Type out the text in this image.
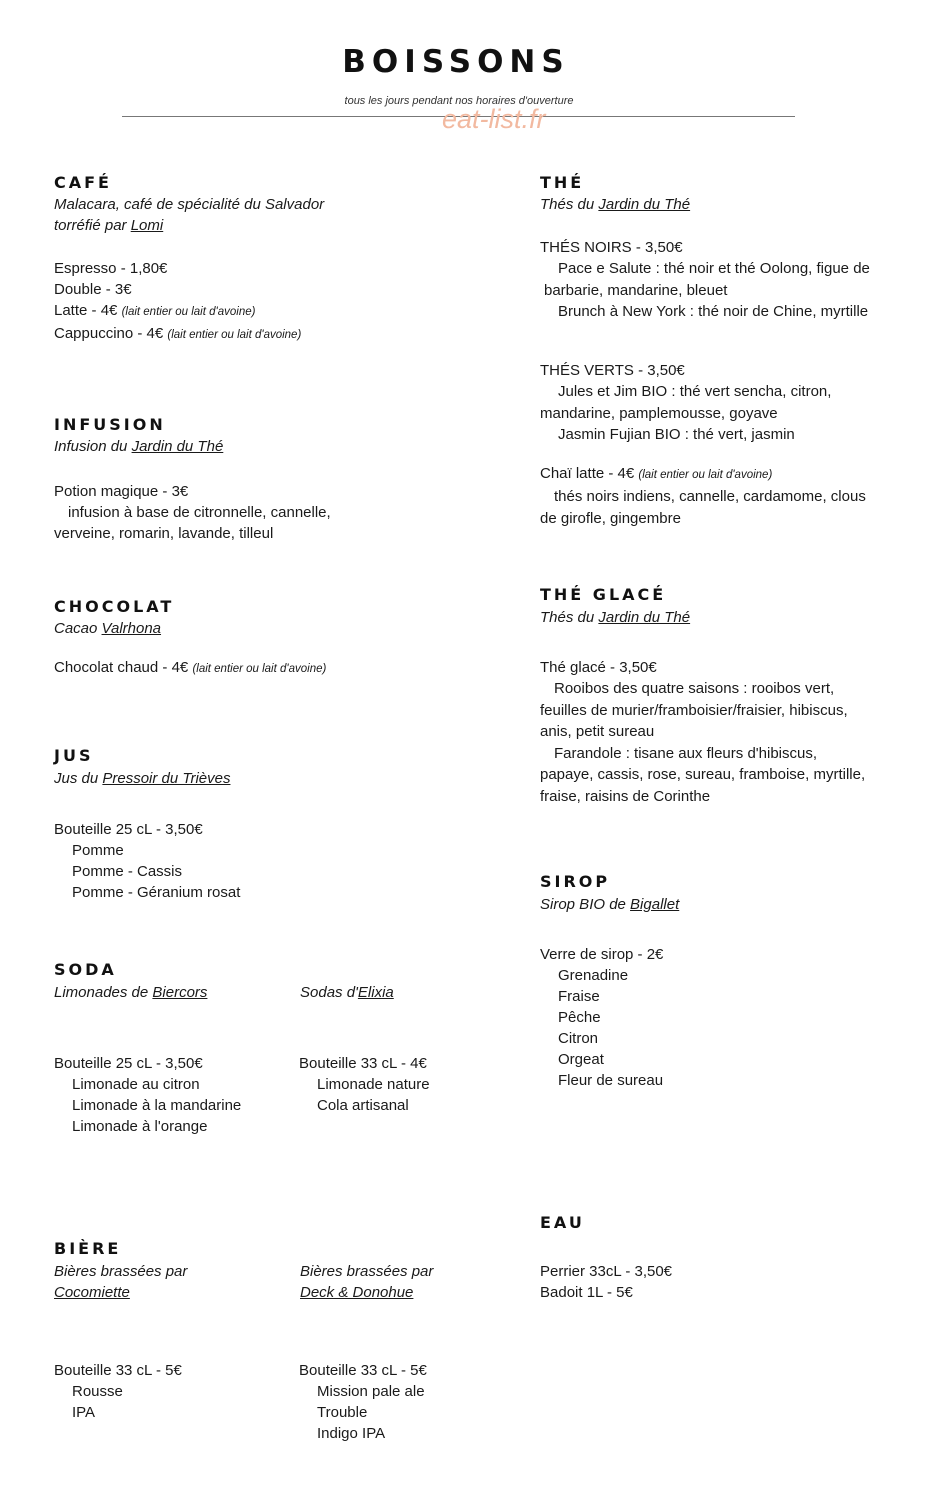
BOISSONS
tous les jours pendant nos horaires d'ouverture
eat-list.fr
CAFÉ
Malacara, café de spécialité du Salvador
torréfié par Lomi
Espresso - 1,80€
Double - 3€
Latte - 4€ (lait entier ou lait d'avoine)
Cappuccino - 4€ (lait entier ou lait d'avoine)
INFUSION
Infusion du Jardin du Thé
Potion magique - 3€
infusion à base de citronnelle, cannelle,
verveine, romarin, lavande, tilleul
CHOCOLAT
Cacao Valrhona
Chocolat chaud - 4€ (lait entier ou lait d'avoine)
JUS
Jus du Pressoir du Trièves
Bouteille 25 cL - 3,50€
Pomme
Pomme - Cassis
Pomme - Géranium rosat
SODA
Limonades de Biercors	Sodas d'Elixia
Bouteille 25 cL - 3,50€
Limonade au citron
Limonade à la mandarine
Limonade à l'orange
Bouteille 33 cL - 4€
Limonade nature
Cola artisanal
BIÈRE
Bières brassées par
Cocomiette
Bières brassées par
Deck & Donohue
Bouteille 33 cL - 5€
Rousse
IPA
Bouteille 33 cL - 5€
Mission pale ale
Trouble
Indigo IPA
THÉ
Thés du Jardin du Thé
THÉS NOIRS - 3,50€
Pace e Salute : thé noir et thé Oolong, figue de
barbarie, mandarine, bleuet
Brunch à New York : thé noir de Chine, myrtille
THÉS VERTS - 3,50€
Jules et Jim BIO : thé vert sencha, citron,
mandarine, pamplemousse, goyave
Jasmin Fujian BIO : thé vert, jasmin
Chaï latte - 4€ (lait entier ou lait d'avoine)
thés noirs indiens, cannelle, cardamome, clous
de girofle, gingembre
THÉ GLACÉ
Thés du Jardin du Thé
Thé glacé - 3,50€
Rooibos des quatre saisons : rooibos vert,
feuilles de murier/framboisier/fraisier, hibiscus,
anis, petit sureau
Farandole : tisane aux fleurs d'hibiscus,
papaye, cassis, rose, sureau, framboise, myrtille,
fraise, raisins de Corinthe
SIROP
Sirop BIO de Bigallet
Verre de sirop - 2€
Grenadine
Fraise
Pêche
Citron
Orgeat
Fleur de sureau
EAU
Perrier 33cL - 3,50€
Badoit 1L - 5€
